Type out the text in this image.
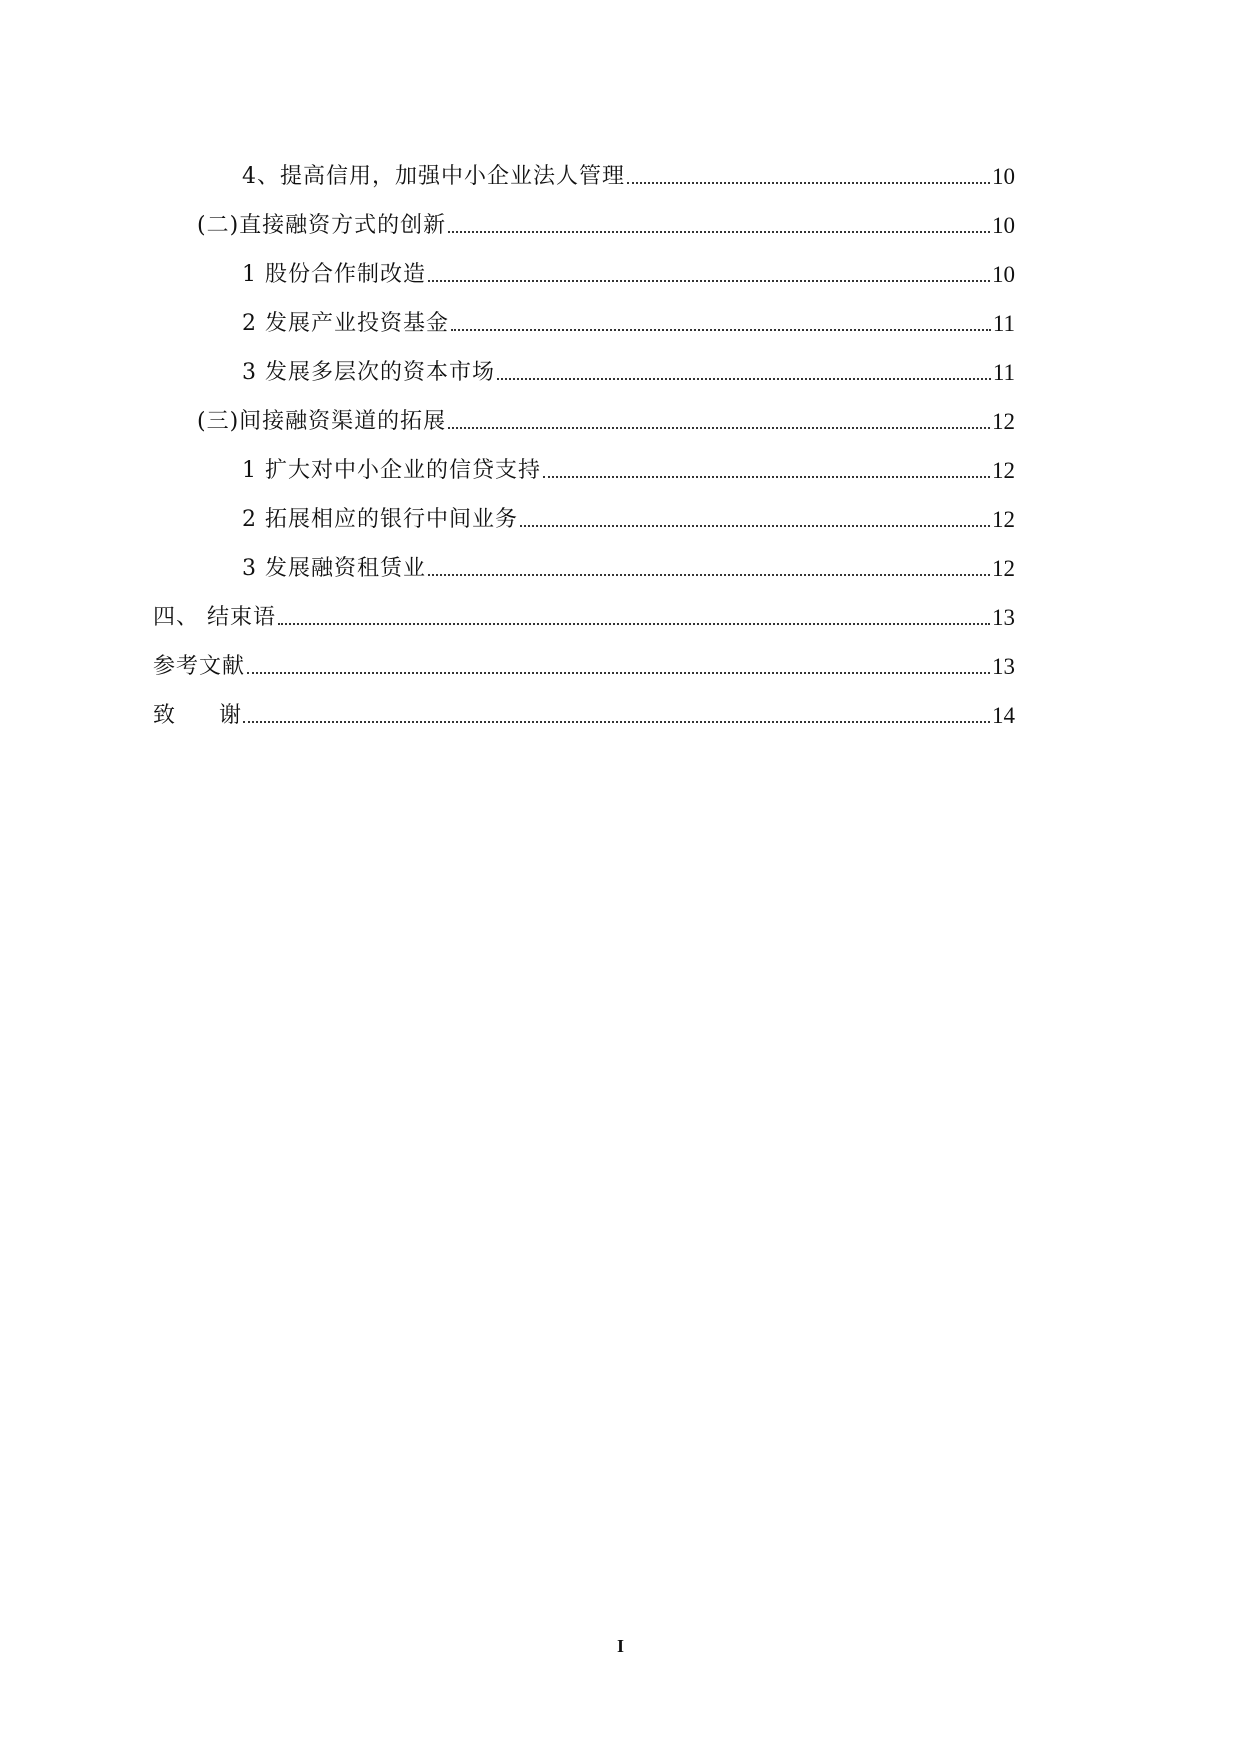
4、提高信用，加强中小企业法人管理	10
(二)直接融资方式的创新	10
1 股份合作制改造	10
2 发展产业投资基金	11
3 发展多层次的资本市场	11
(三)间接融资渠道的拓展	12
1 扩大对中小企业的信贷支持	12
2 拓展相应的银行中间业务	12
3 发展融资租赁业	12
四、 结束语	13
参考文献	13
致　　谢	14
I
